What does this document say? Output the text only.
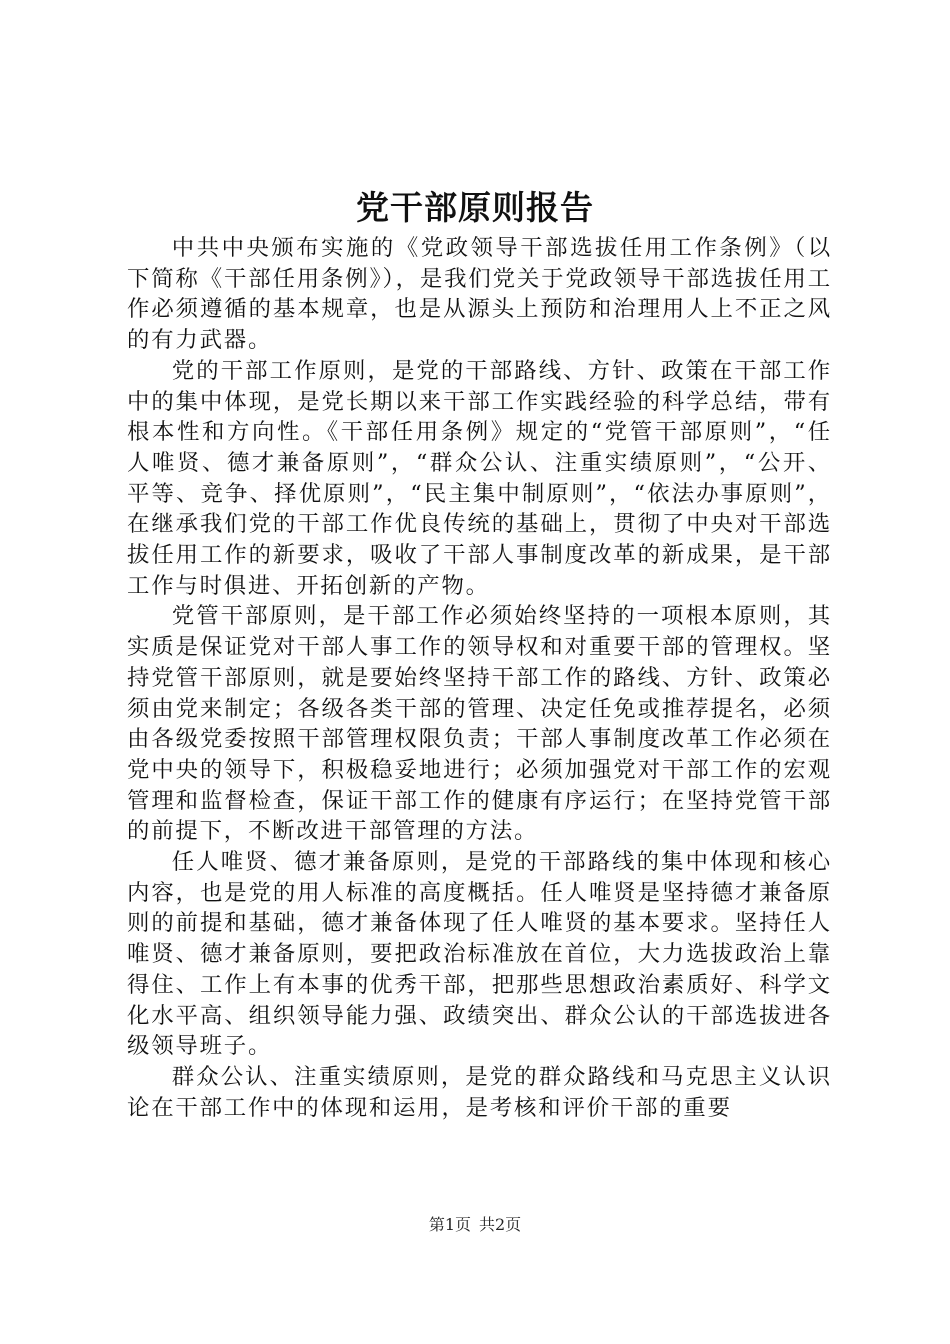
党干部原则报告

中共中央颁布实施的《党政领导干部选拔任用工作条例》（以下简称《干部任用条例》），是我们党关于党政领导干部选拔任用工作必须遵循的基本规章，也是从源头上预防和治理用人上不正之风的有力武器。

党的干部工作原则，是党的干部路线、方针、政策在干部工作中的集中体现，是党长期以来干部工作实践经验的科学总结，带有根本性和方向性。《干部任用条例》规定的“党管干部原则”，“任人唯贤、德才兼备原则”，“群众公认、注重实绩原则”，“公开、平等、竞争、择优原则”，“民主集中制原则”，“依法办事原则”，在继承我们党的干部工作优良传统的基础上，贯彻了中央对干部选拔任用工作的新要求，吸收了干部人事制度改革的新成果，是干部工作与时俱进、开拓创新的产物。

党管干部原则，是干部工作必须始终坚持的一项根本原则，其实质是保证党对干部人事工作的领导权和对重要干部的管理权。坚持党管干部原则，就是要始终坚持干部工作的路线、方针、政策必须由党来制定；各级各类干部的管理、决定任免或推荐提名，必须由各级党委按照干部管理权限负责；干部人事制度改革工作必须在党中央的领导下，积极稳妥地进行；必须加强党对干部工作的宏观管理和监督检查，保证干部工作的健康有序运行；在坚持党管干部的前提下，不断改进干部管理的方法。

任人唯贤、德才兼备原则，是党的干部路线的集中体现和核心内容，也是党的用人标准的高度概括。任人唯贤是坚持德才兼备原则的前提和基础，德才兼备体现了任人唯贤的基本要求。坚持任人唯贤、德才兼备原则，要把政治标准放在首位，大力选拔政治上靠得住、工作上有本事的优秀干部，把那些思想政治素质好、科学文化水平高、组织领导能力强、政绩突出、群众公认的干部选拔进各级领导班子。

群众公认、注重实绩原则，是党的群众路线和马克思主义认识论在干部工作中的体现和运用，是考核和评价干部的重要

第1页 共2页
